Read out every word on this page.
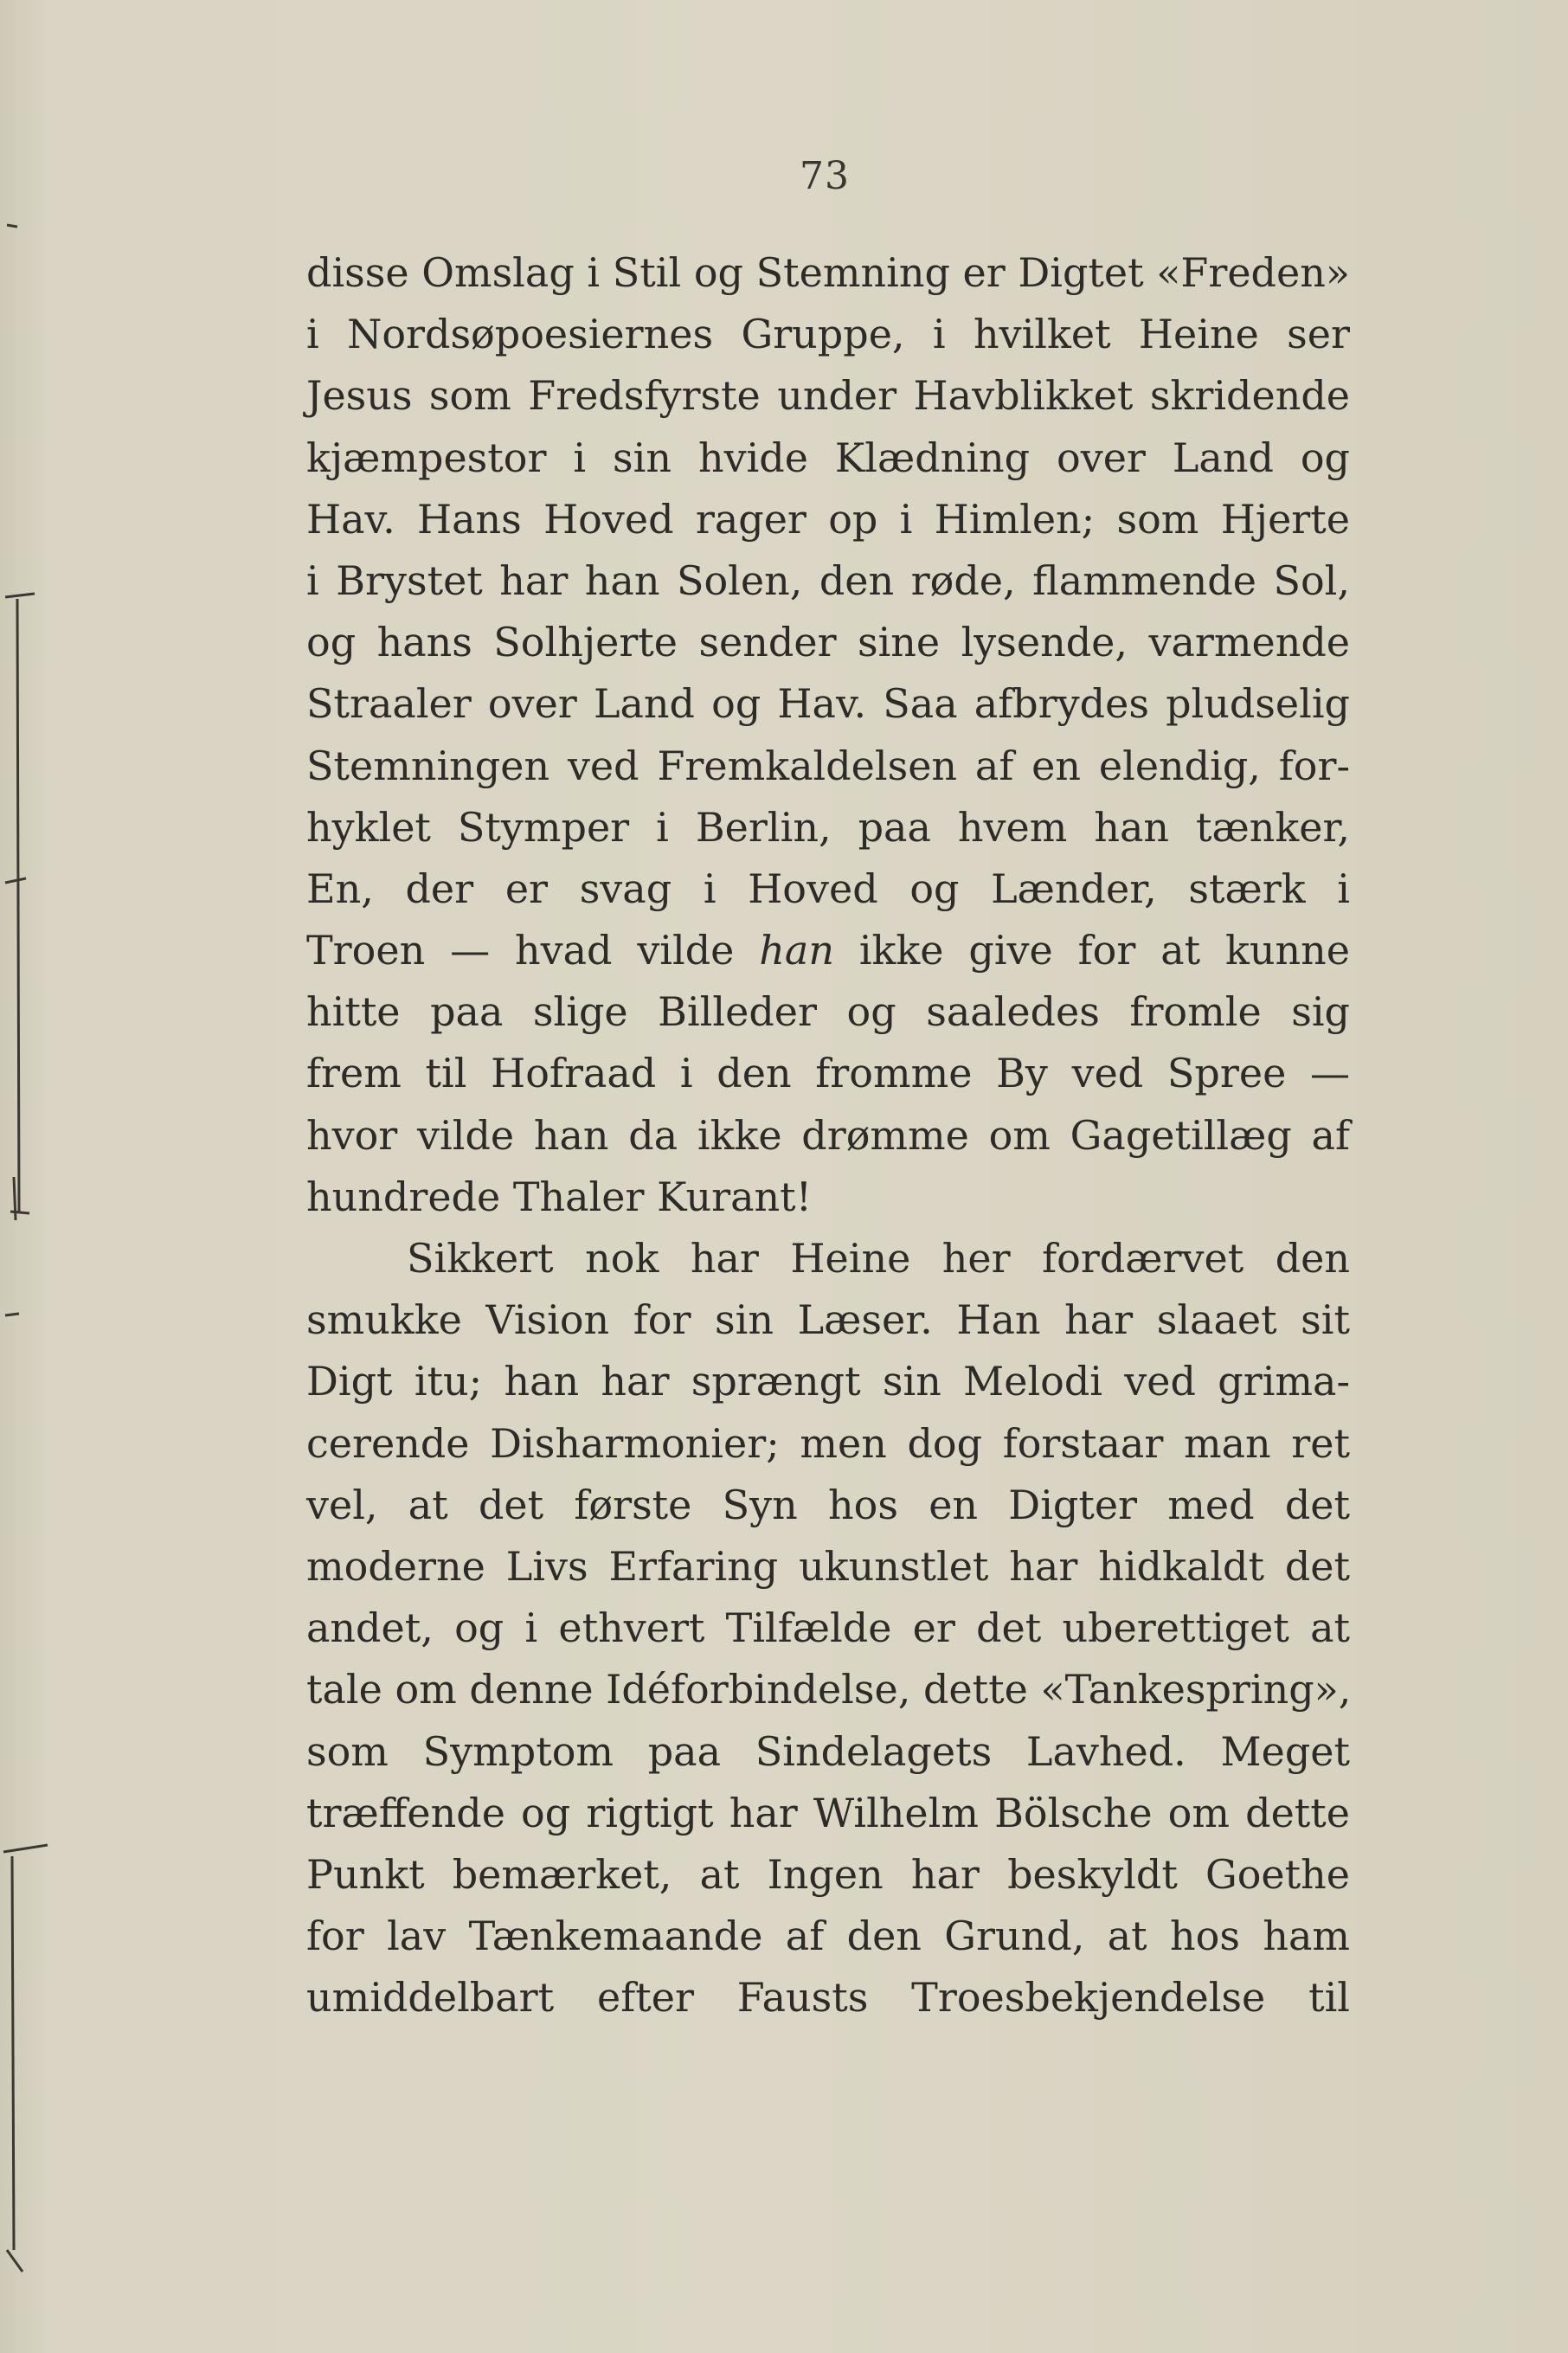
73
disse Omslag i Stil og Stemning er Digtet «Freden»
i Nordsøpoesiernes Gruppe, i hvilket Heine ser
Jesus som Fredsfyrste under Havblikket skridende
kjæmpestor i sin hvide Klædning over Land og
Hav. Hans Hoved rager op i Himlen; som Hjerte
i Brystet har han Solen, den røde, flammende Sol,
og hans Solhjerte sender sine lysende, varmende
Straaler over Land og Hav. Saa afbrydes pludselig
Stemningen ved Fremkaldelsen af en elendig, for-
hyklet Stymper i Berlin, paa hvem han tænker,
En, der er svag i Hoved og Lænder, stærk i
Troen — hvad vilde han ikke give for at kunne
hitte paa slige Billeder og saaledes fromle sig
frem til Hofraad i den fromme By ved Spree —
hvor vilde han da ikke drømme om Gagetillæg af
hundrede Thaler Kurant!
Sikkert nok har Heine her fordærvet den
smukke Vision for sin Læser. Han har slaaet sit
Digt itu; han har sprængt sin Melodi ved grima-
cerende Disharmonier; men dog forstaar man ret
vel, at det første Syn hos en Digter med det
moderne Livs Erfaring ukunstlet har hidkaldt det
andet, og i ethvert Tilfælde er det uberettiget at
tale om denne Idéforbindelse, dette «Tankespring»,
som Symptom paa Sindelagets Lavhed. Meget
træffende og rigtigt har Wilhelm Bölsche om dette
Punkt bemærket, at Ingen har beskyldt Goethe
for lav Tænkemaande af den Grund, at hos ham
umiddelbart efter Fausts Troesbekjendelse til
